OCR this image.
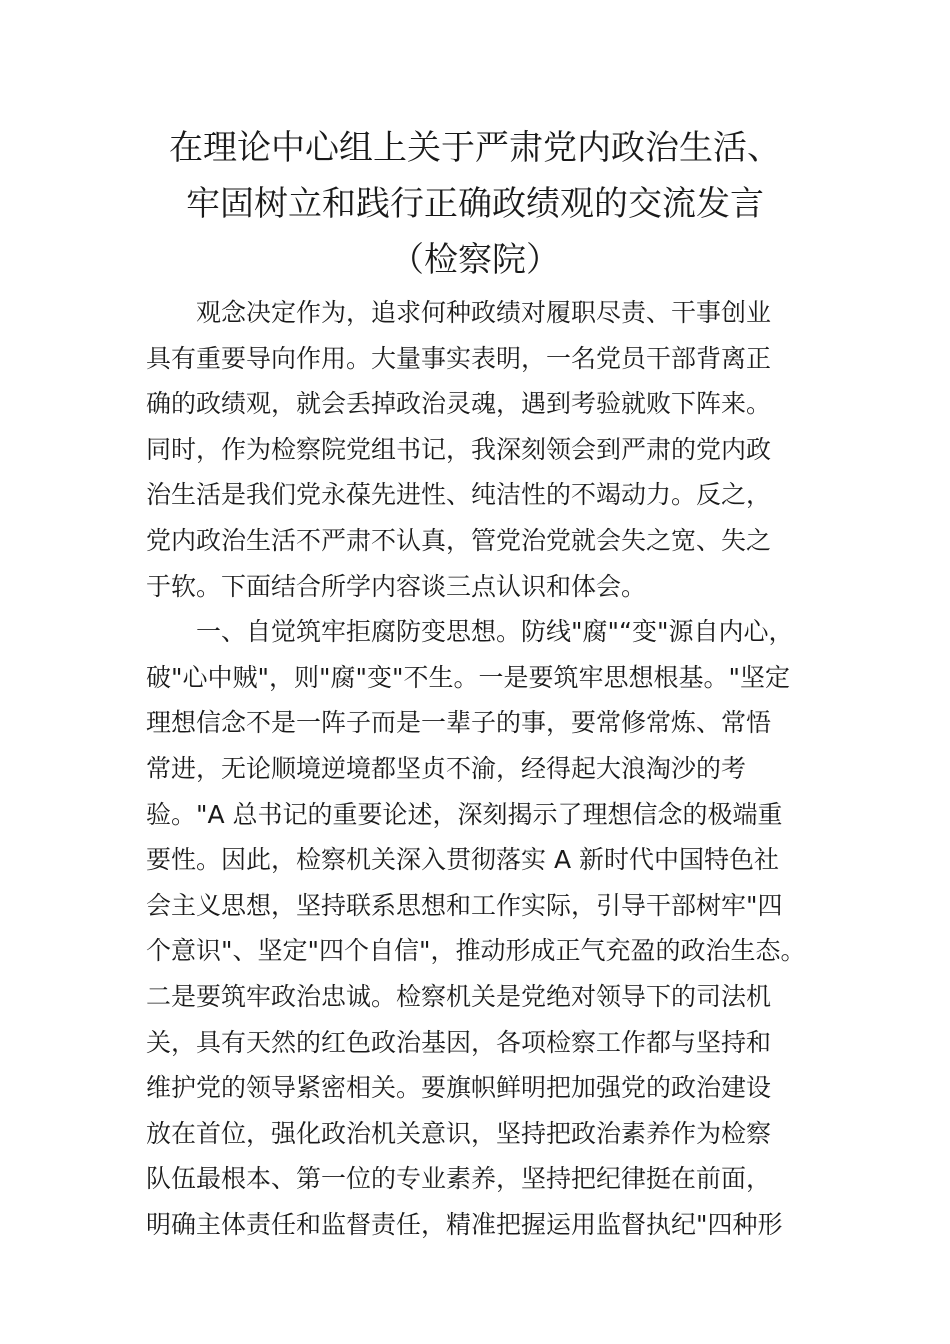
在理论中心组上关于严肃党内政治生活、
牢固树立和践行正确政绩观的交流发言
（检察院）
观念决定作为，追求何种政绩对履职尽责、干事创业
具有重要导向作用。大量事实表明，一名党员干部背离正
确的政绩观，就会丢掉政治灵魂，遇到考验就败下阵来。
同时，作为检察院党组书记，我深刻领会到严肃的党内政
治生活是我们党永葆先进性、纯洁性的不竭动力。反之，
党内政治生活不严肃不认真，管党治党就会失之宽、失之
于软。下面结合所学内容谈三点认识和体会。
一、自觉筑牢拒腐防变思想。防线"腐"“变"源自内心，
破"心中贼"，则"腐"变"不生。一是要筑牢思想根基。"坚定
理想信念不是一阵子而是一辈子的事，要常修常炼、常悟
常进，无论顺境逆境都坚贞不渝，经得起大浪淘沙的考
验。"A 总书记的重要论述，深刻揭示了理想信念的极端重
要性。因此，检察机关深入贯彻落实 A 新时代中国特色社
会主义思想，坚持联系思想和工作实际，引导干部树牢"四
个意识"、坚定"四个自信"，推动形成正气充盈的政治生态。
二是要筑牢政治忠诚。检察机关是党绝对领导下的司法机
关，具有天然的红色政治基因，各项检察工作都与坚持和
维护党的领导紧密相关。要旗帜鲜明把加强党的政治建设
放在首位，强化政治机关意识，坚持把政治素养作为检察
队伍最根本、第一位的专业素养，坚持把纪律挺在前面，
明确主体责任和监督责任，精准把握运用监督执纪"四种形
